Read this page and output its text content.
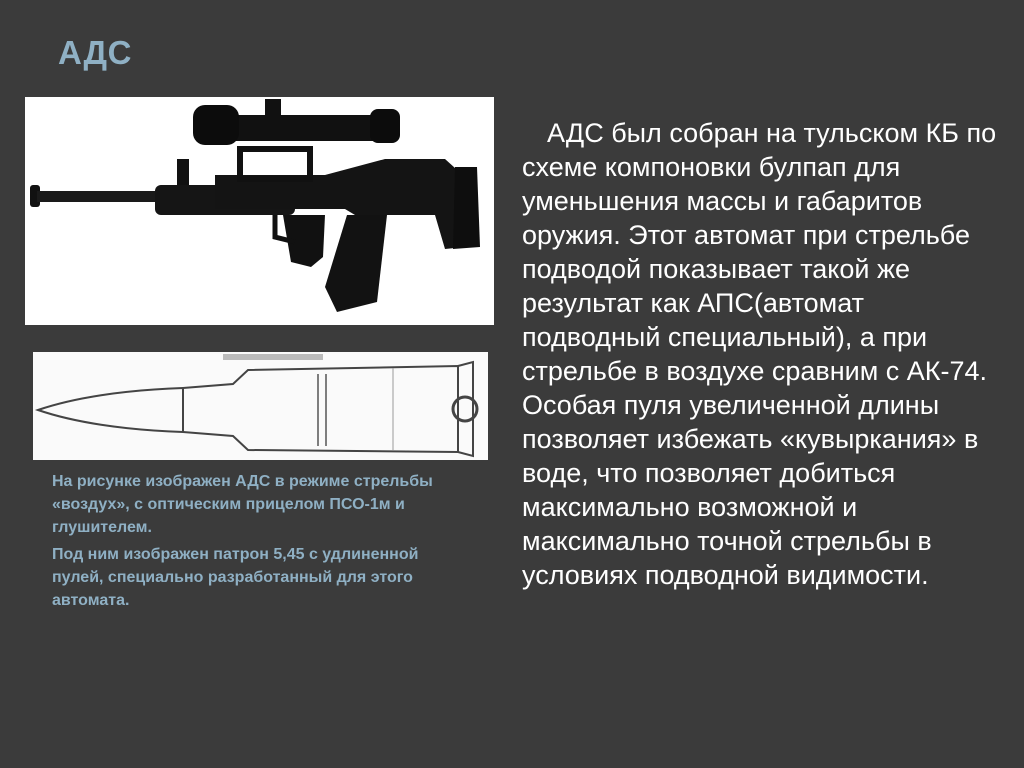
АДС

На рисунке изображен АДС в режиме стрельбы «воздух», с оптическим прицелом ПСО-1м и глушителем.

Под ним изображен патрон 5,45 с удлиненной пулей, специально разработанный для этого автомата.

АДС был собран на тульском КБ по схеме компоновки булпап для уменьшения массы и габаритов оружия. Этот автомат при стрельбе подводой показывает такой же результат как АПС(автомат подводный специальный), а при стрельбе в воздухе сравним с АК-74. Особая пуля увеличенной длины позволяет избежать «кувыркания» в воде, что позволяет добиться максимально возможной и максимально точной стрельбы в условиях подводной видимости.
